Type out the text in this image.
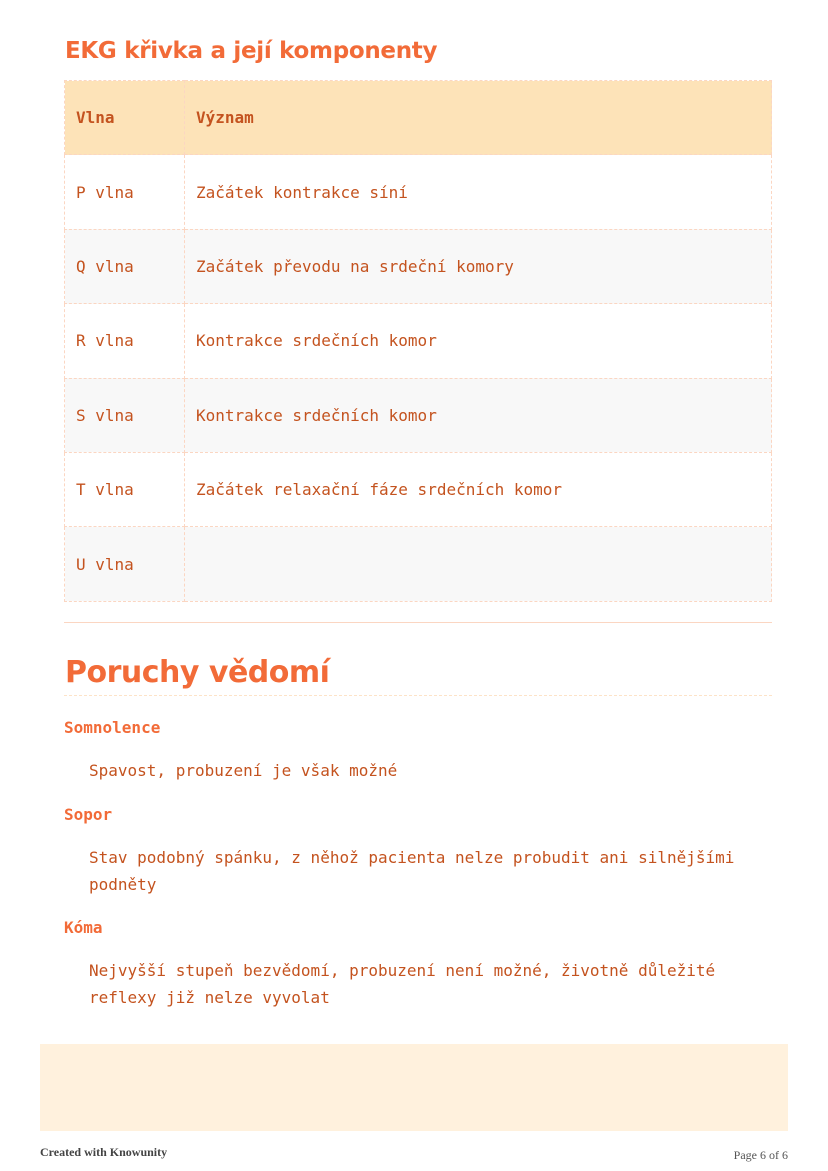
EKG křivka a její komponenty
Vlna	Význam
P vlna	Začátek kontrakce síní
Q vlna	Začátek převodu na srdeční komory
R vlna	Kontrakce srdečních komor
S vlna	Kontrakce srdečních komor
T vlna	Začátek relaxační fáze srdečních komor
U vlna	
Poruchy vědomí

Somnolence

Spavost, probuzení je však možné

Sopor

Stav podobný spánku, z něhož pacienta nelze probudit ani silnějšími podněty

Kóma

Nejvyšší stupeň bezvědomí, probuzení není možné, životně důležité reflexy již nelze vyvolat

Created with Knowunity	Page 6 of 6
